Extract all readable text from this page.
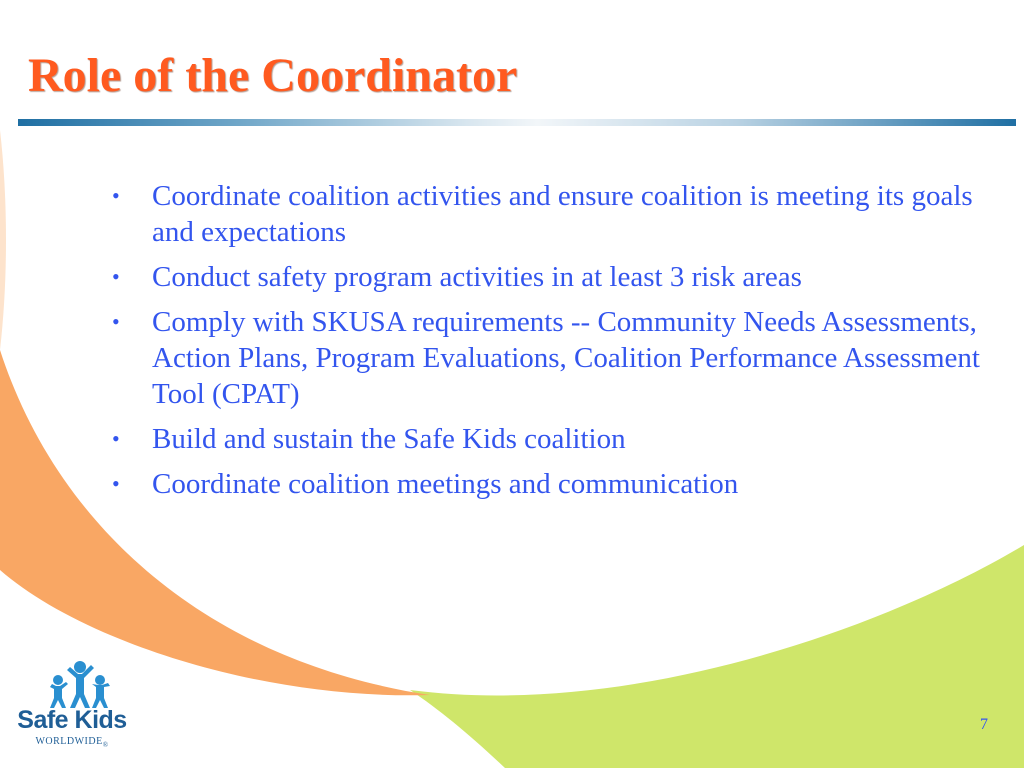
Role of the Coordinator
•	Coordinate coalition activities and ensure coalition is meeting its goals and expectations
•	Conduct safety program activities in at least 3 risk areas
•	Comply with SKUSA requirements -- Community Needs Assessments, Action Plans, Program Evaluations, Coalition Performance Assessment Tool (CPAT)
•	Build and sustain the Safe Kids coalition
•	Coordinate coalition meetings and communication
Safe Kids
$WORLDWIDE_®$
7
